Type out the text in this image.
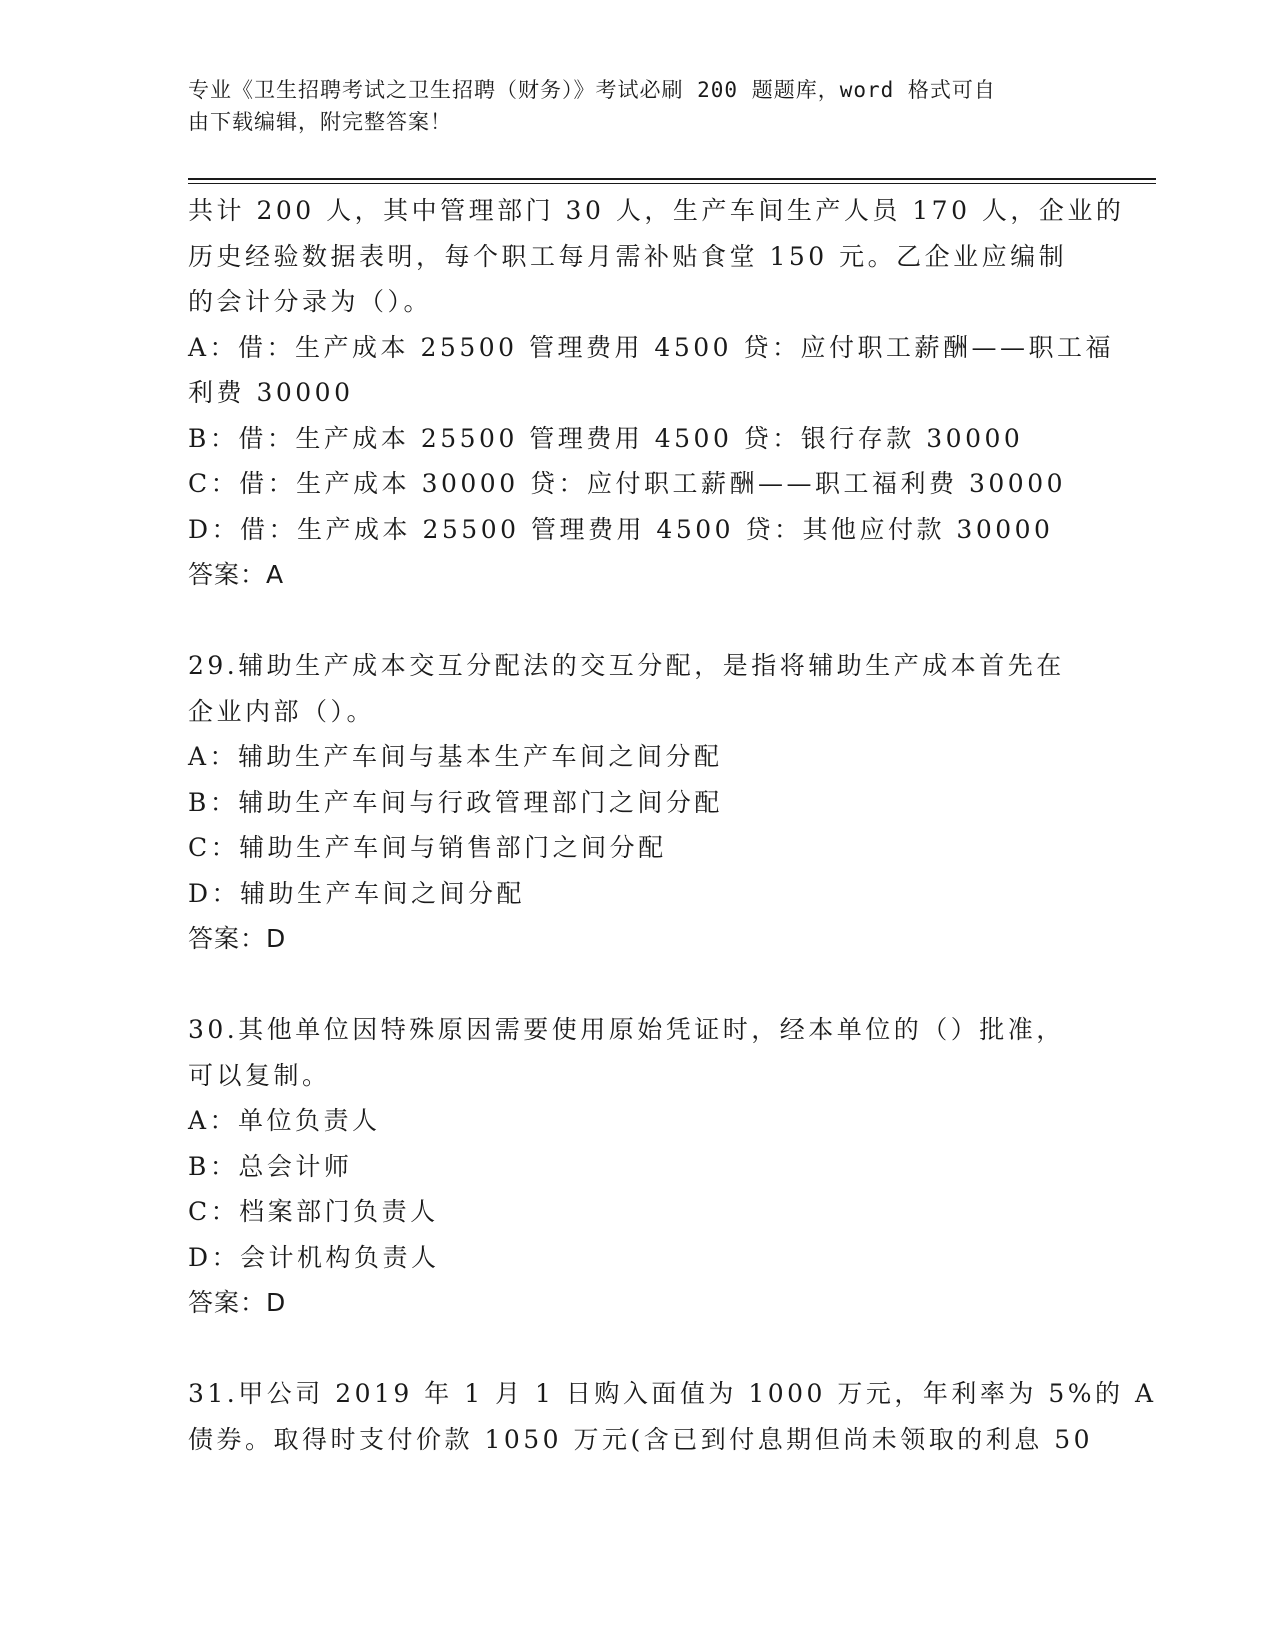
专业《卫生招聘考试之卫生招聘（财务）》考试必刷 200 题题库，word 格式可自
由下载编辑，附完整答案！
共计 200 人，其中管理部门 30 人，生产车间生产人员 170 人，企业的
历史经验数据表明，每个职工每月需补贴食堂 150 元。乙企业应编制
的会计分录为（）。
A：借：生产成本 25500 管理费用 4500 贷：应付职工薪酬——职工福
利费 30000
B：借：生产成本 25500 管理费用 4500 贷：银行存款 30000
C：借：生产成本 30000 贷：应付职工薪酬——职工福利费 30000
D：借：生产成本 25500 管理费用 4500 贷：其他应付款 30000
答案：A
29.辅助生产成本交互分配法的交互分配，是指将辅助生产成本首先在
企业内部（）。
A：辅助生产车间与基本生产车间之间分配
B：辅助生产车间与行政管理部门之间分配
C：辅助生产车间与销售部门之间分配
D：辅助生产车间之间分配
答案：D
30.其他单位因特殊原因需要使用原始凭证时，经本单位的（）批准，
可以复制。
A：单位负责人
B：总会计师
C：档案部门负责人
D：会计机构负责人
答案：D
31.甲公司 2019 年 1 月 1 日购入面值为 1000 万元，年利率为 5%的 A
债券。取得时支付价款 1050 万元(含已到付息期但尚未领取的利息 50
